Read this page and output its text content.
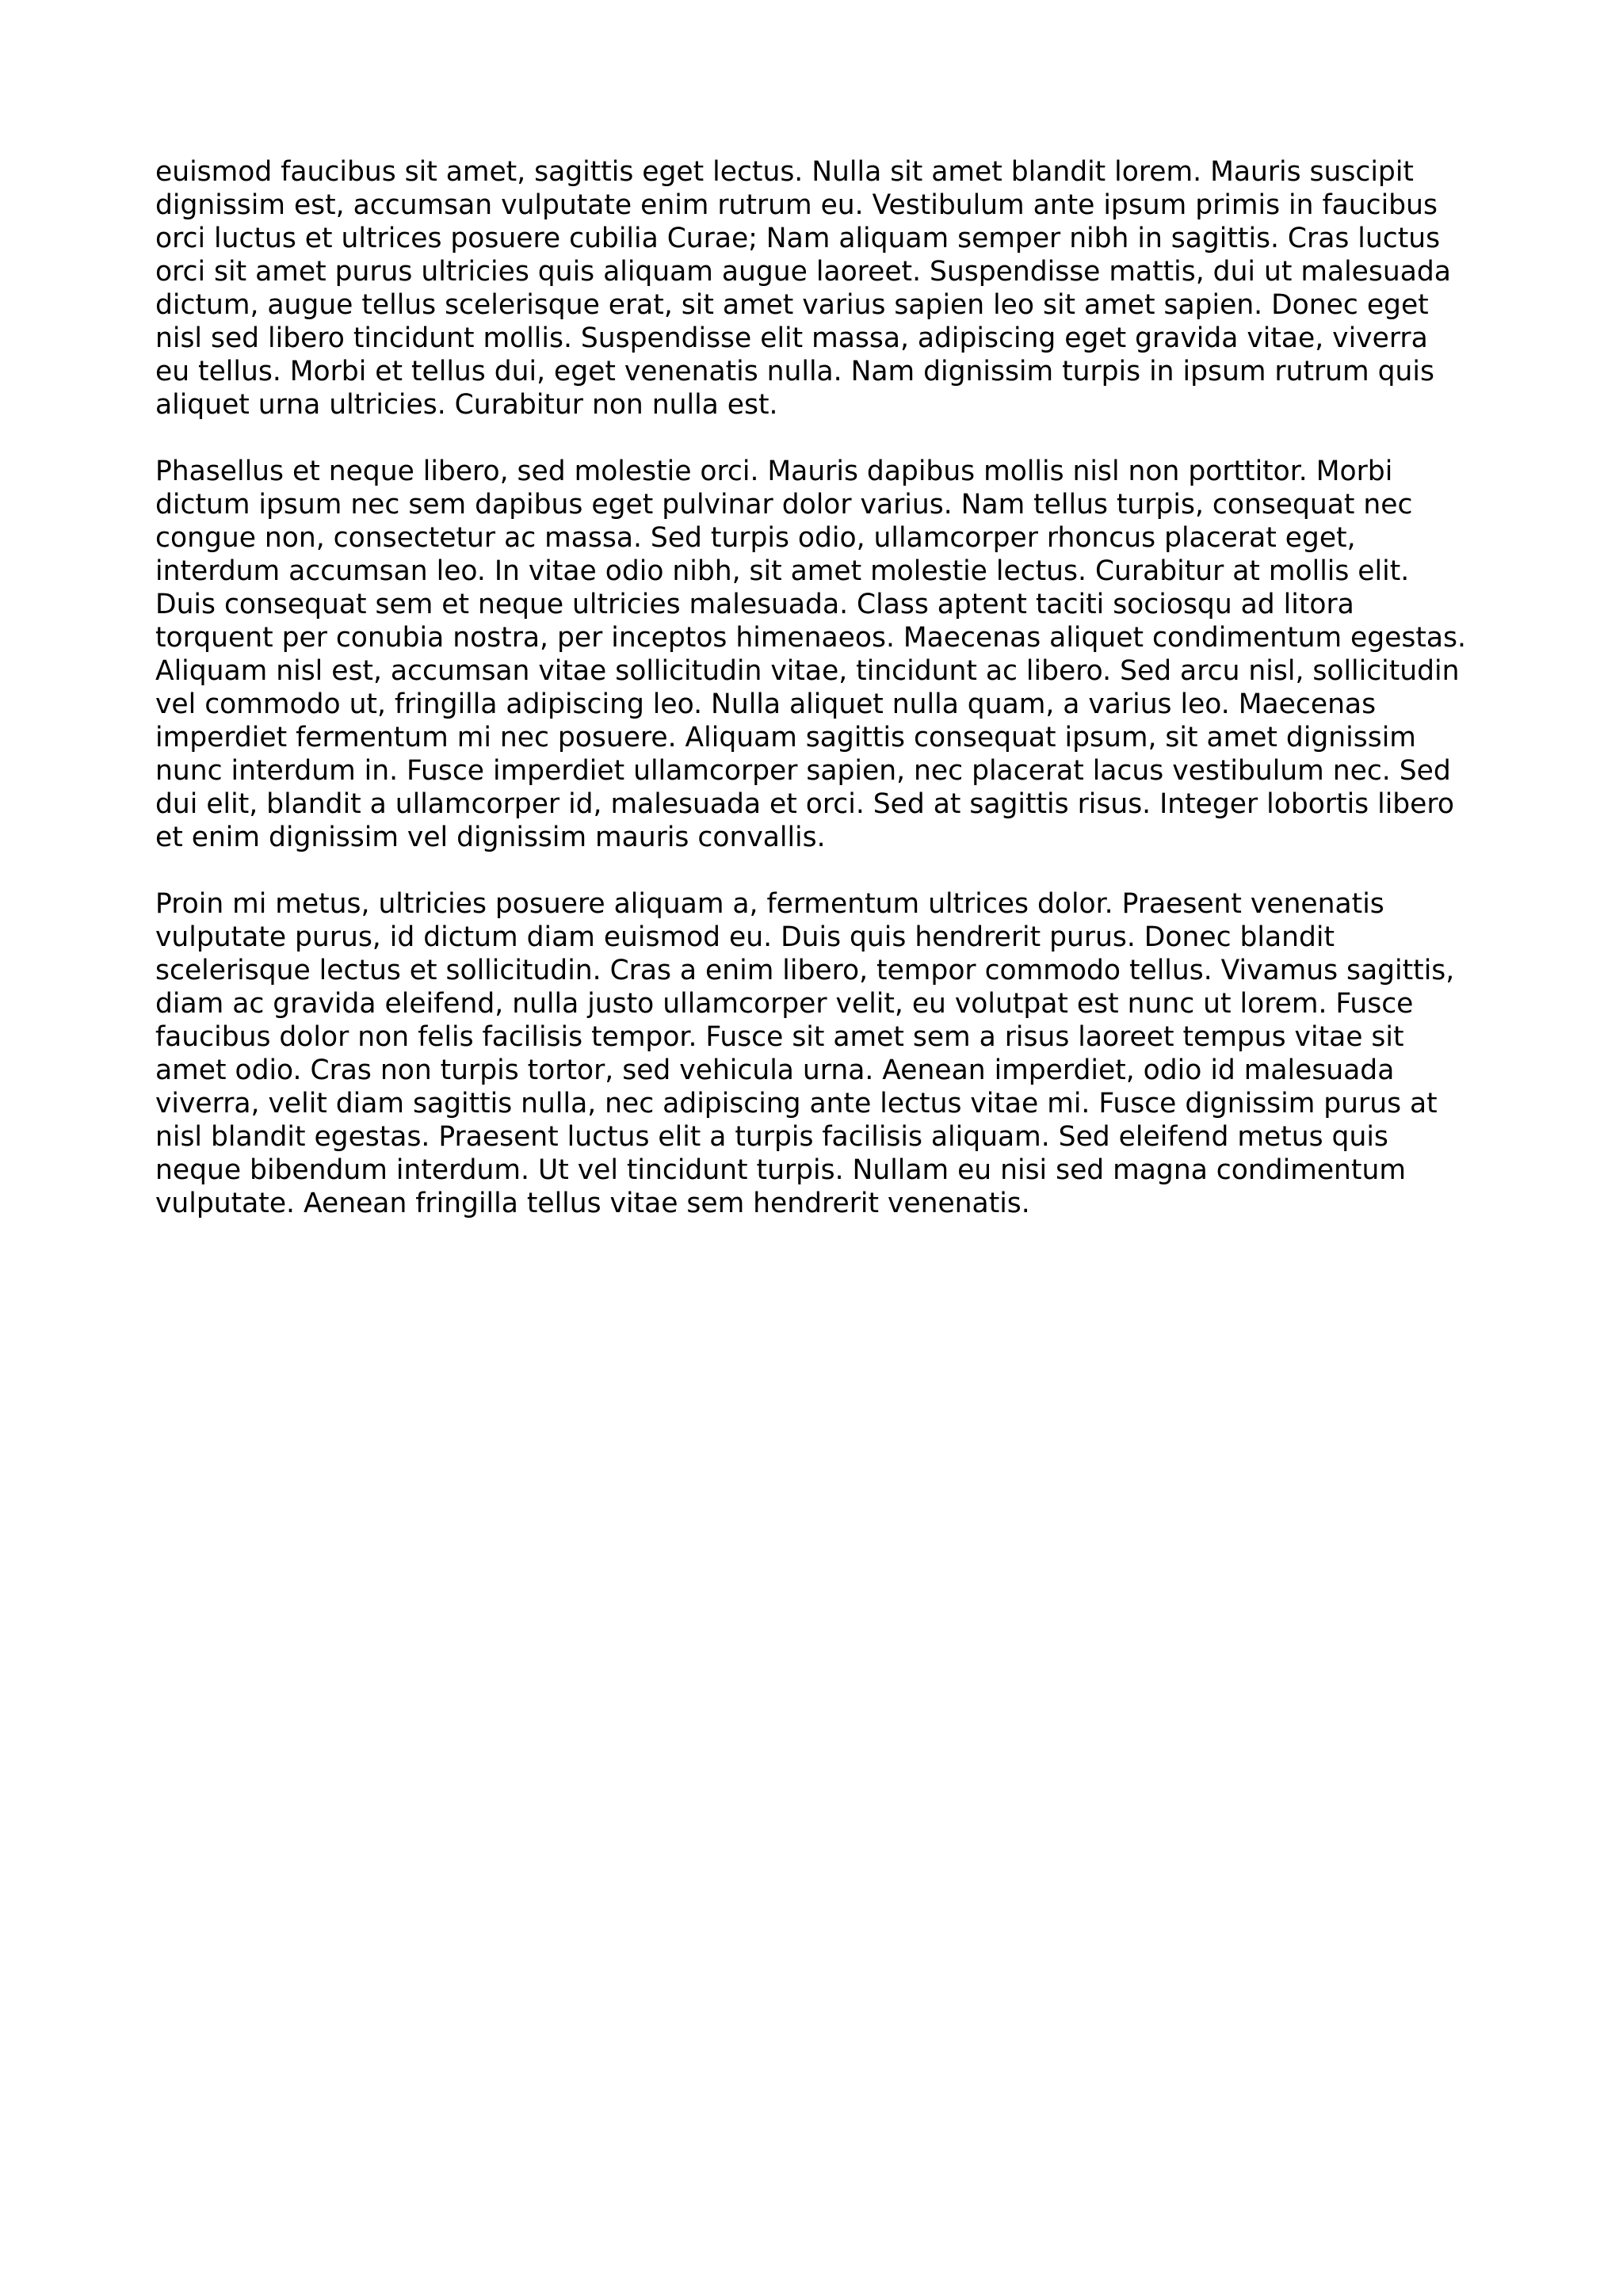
euismod faucibus sit amet, sagittis eget lectus. Nulla sit amet blandit lorem. Mauris suscipit
dignissim est, accumsan vulputate enim rutrum eu. Vestibulum ante ipsum primis in faucibus
orci luctus et ultrices posuere cubilia Curae; Nam aliquam semper nibh in sagittis. Cras luctus
orci sit amet purus ultricies quis aliquam augue laoreet. Suspendisse mattis, dui ut malesuada
dictum, augue tellus scelerisque erat, sit amet varius sapien leo sit amet sapien. Donec eget
nisl sed libero tincidunt mollis. Suspendisse elit massa, adipiscing eget gravida vitae, viverra
eu tellus. Morbi et tellus dui, eget venenatis nulla. Nam dignissim turpis in ipsum rutrum quis
aliquet urna ultricies. Curabitur non nulla est.

Phasellus et neque libero, sed molestie orci. Mauris dapibus mollis nisl non porttitor. Morbi
dictum ipsum nec sem dapibus eget pulvinar dolor varius. Nam tellus turpis, consequat nec
congue non, consectetur ac massa. Sed turpis odio, ullamcorper rhoncus placerat eget,
interdum accumsan leo. In vitae odio nibh, sit amet molestie lectus. Curabitur at mollis elit.
Duis consequat sem et neque ultricies malesuada. Class aptent taciti sociosqu ad litora
torquent per conubia nostra, per inceptos himenaeos. Maecenas aliquet condimentum egestas.
Aliquam nisl est, accumsan vitae sollicitudin vitae, tincidunt ac libero. Sed arcu nisl, sollicitudin
vel commodo ut, fringilla adipiscing leo. Nulla aliquet nulla quam, a varius leo. Maecenas
imperdiet fermentum mi nec posuere. Aliquam sagittis consequat ipsum, sit amet dignissim
nunc interdum in. Fusce imperdiet ullamcorper sapien, nec placerat lacus vestibulum nec. Sed
dui elit, blandit a ullamcorper id, malesuada et orci. Sed at sagittis risus. Integer lobortis libero
et enim dignissim vel dignissim mauris convallis.

Proin mi metus, ultricies posuere aliquam a, fermentum ultrices dolor. Praesent venenatis
vulputate purus, id dictum diam euismod eu. Duis quis hendrerit purus. Donec blandit
scelerisque lectus et sollicitudin. Cras a enim libero, tempor commodo tellus. Vivamus sagittis,
diam ac gravida eleifend, nulla justo ullamcorper velit, eu volutpat est nunc ut lorem. Fusce
faucibus dolor non felis facilisis tempor. Fusce sit amet sem a risus laoreet tempus vitae sit
amet odio. Cras non turpis tortor, sed vehicula urna. Aenean imperdiet, odio id malesuada
viverra, velit diam sagittis nulla, nec adipiscing ante lectus vitae mi. Fusce dignissim purus at
nisl blandit egestas. Praesent luctus elit a turpis facilisis aliquam. Sed eleifend metus quis
neque bibendum interdum. Ut vel tincidunt turpis. Nullam eu nisi sed magna condimentum
vulputate. Aenean fringilla tellus vitae sem hendrerit venenatis.
